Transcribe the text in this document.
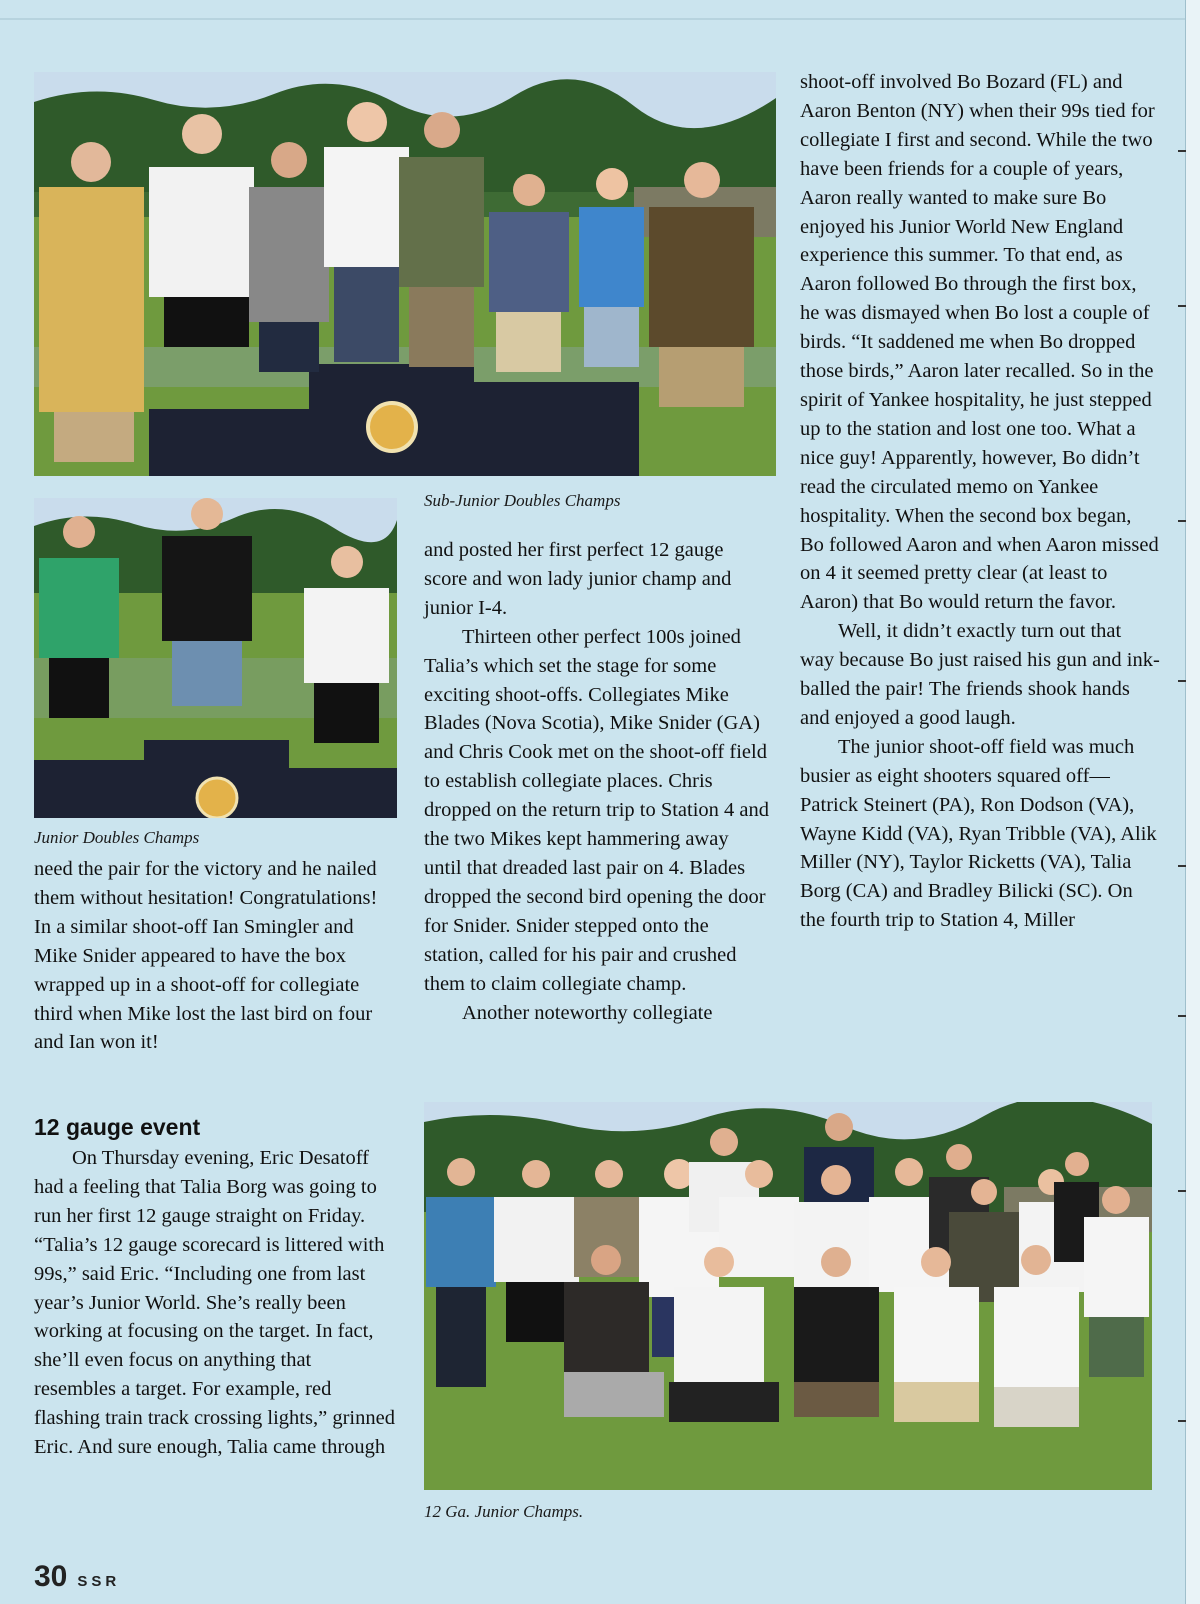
Sub-Junior Doubles Champs
Junior Doubles Champs

need the pair for the victory and he nailed them without hesitation! Congratulations! In a similar shoot-off Ian Smingler and Mike Snider appeared to have the box wrapped up in a shoot-off for collegiate third when Mike lost the last bird on four and Ian won it!

12 gauge event

On Thursday evening, Eric Desatoff had a feeling that Talia Borg was going to run her first 12 gauge straight on Friday. “Talia’s 12 gauge scorecard is littered with 99s,” said Eric. “Including one from last year’s Junior World. She’s really been working at focusing on the target. In fact, she’ll even focus on anything that resembles a target. For example, red flashing train track crossing lights,” grinned Eric. And sure enough, Talia came through

and posted her first perfect 12 gauge score and won lady junior champ and junior I-4.

Thirteen other perfect 100s joined Talia’s which set the stage for some exciting shoot-offs. Collegiates Mike Blades (Nova Scotia), Mike Snider (GA) and Chris Cook met on the shoot-off field to establish collegiate places. Chris dropped on the return trip to Station 4 and the two Mikes kept hammering away until that dreaded last pair on 4. Blades dropped the second bird opening the door for Snider. Snider stepped onto the station, called for his pair and crushed them to claim collegiate champ.

Another noteworthy collegiate

shoot-off involved Bo Bozard (FL) and Aaron Benton (NY) when their 99s tied for collegiate I first and second. While the two have been friends for a couple of years, Aaron really wanted to make sure Bo enjoyed his Junior World New England experience this summer. To that end, as Aaron followed Bo through the first box, he was dismayed when Bo lost a couple of birds. “It saddened me when Bo dropped those birds,” Aaron later recalled. So in the spirit of Yankee hospitality, he just stepped up to the station and lost one too. What a nice guy! Apparently, however, Bo didn’t read the circulated memo on Yankee hospitality. When the second box began, Bo followed Aaron and when Aaron missed on 4 it seemed pretty clear (at least to Aaron) that Bo would return the favor.

Well, it didn’t exactly turn out that way because Bo just raised his gun and ink-balled the pair! The friends shook hands and enjoyed a good laugh.

The junior shoot-off field was much busier as eight shooters squared off—Patrick Steinert (PA), Ron Dodson (VA), Wayne Kidd (VA), Ryan Tribble (VA), Alik Miller (NY), Taylor Ricketts (VA), Talia Borg (CA) and Bradley Bilicki (SC). On the fourth trip to Station 4, Miller

12 Ga. Junior Champs.
30 SSR
